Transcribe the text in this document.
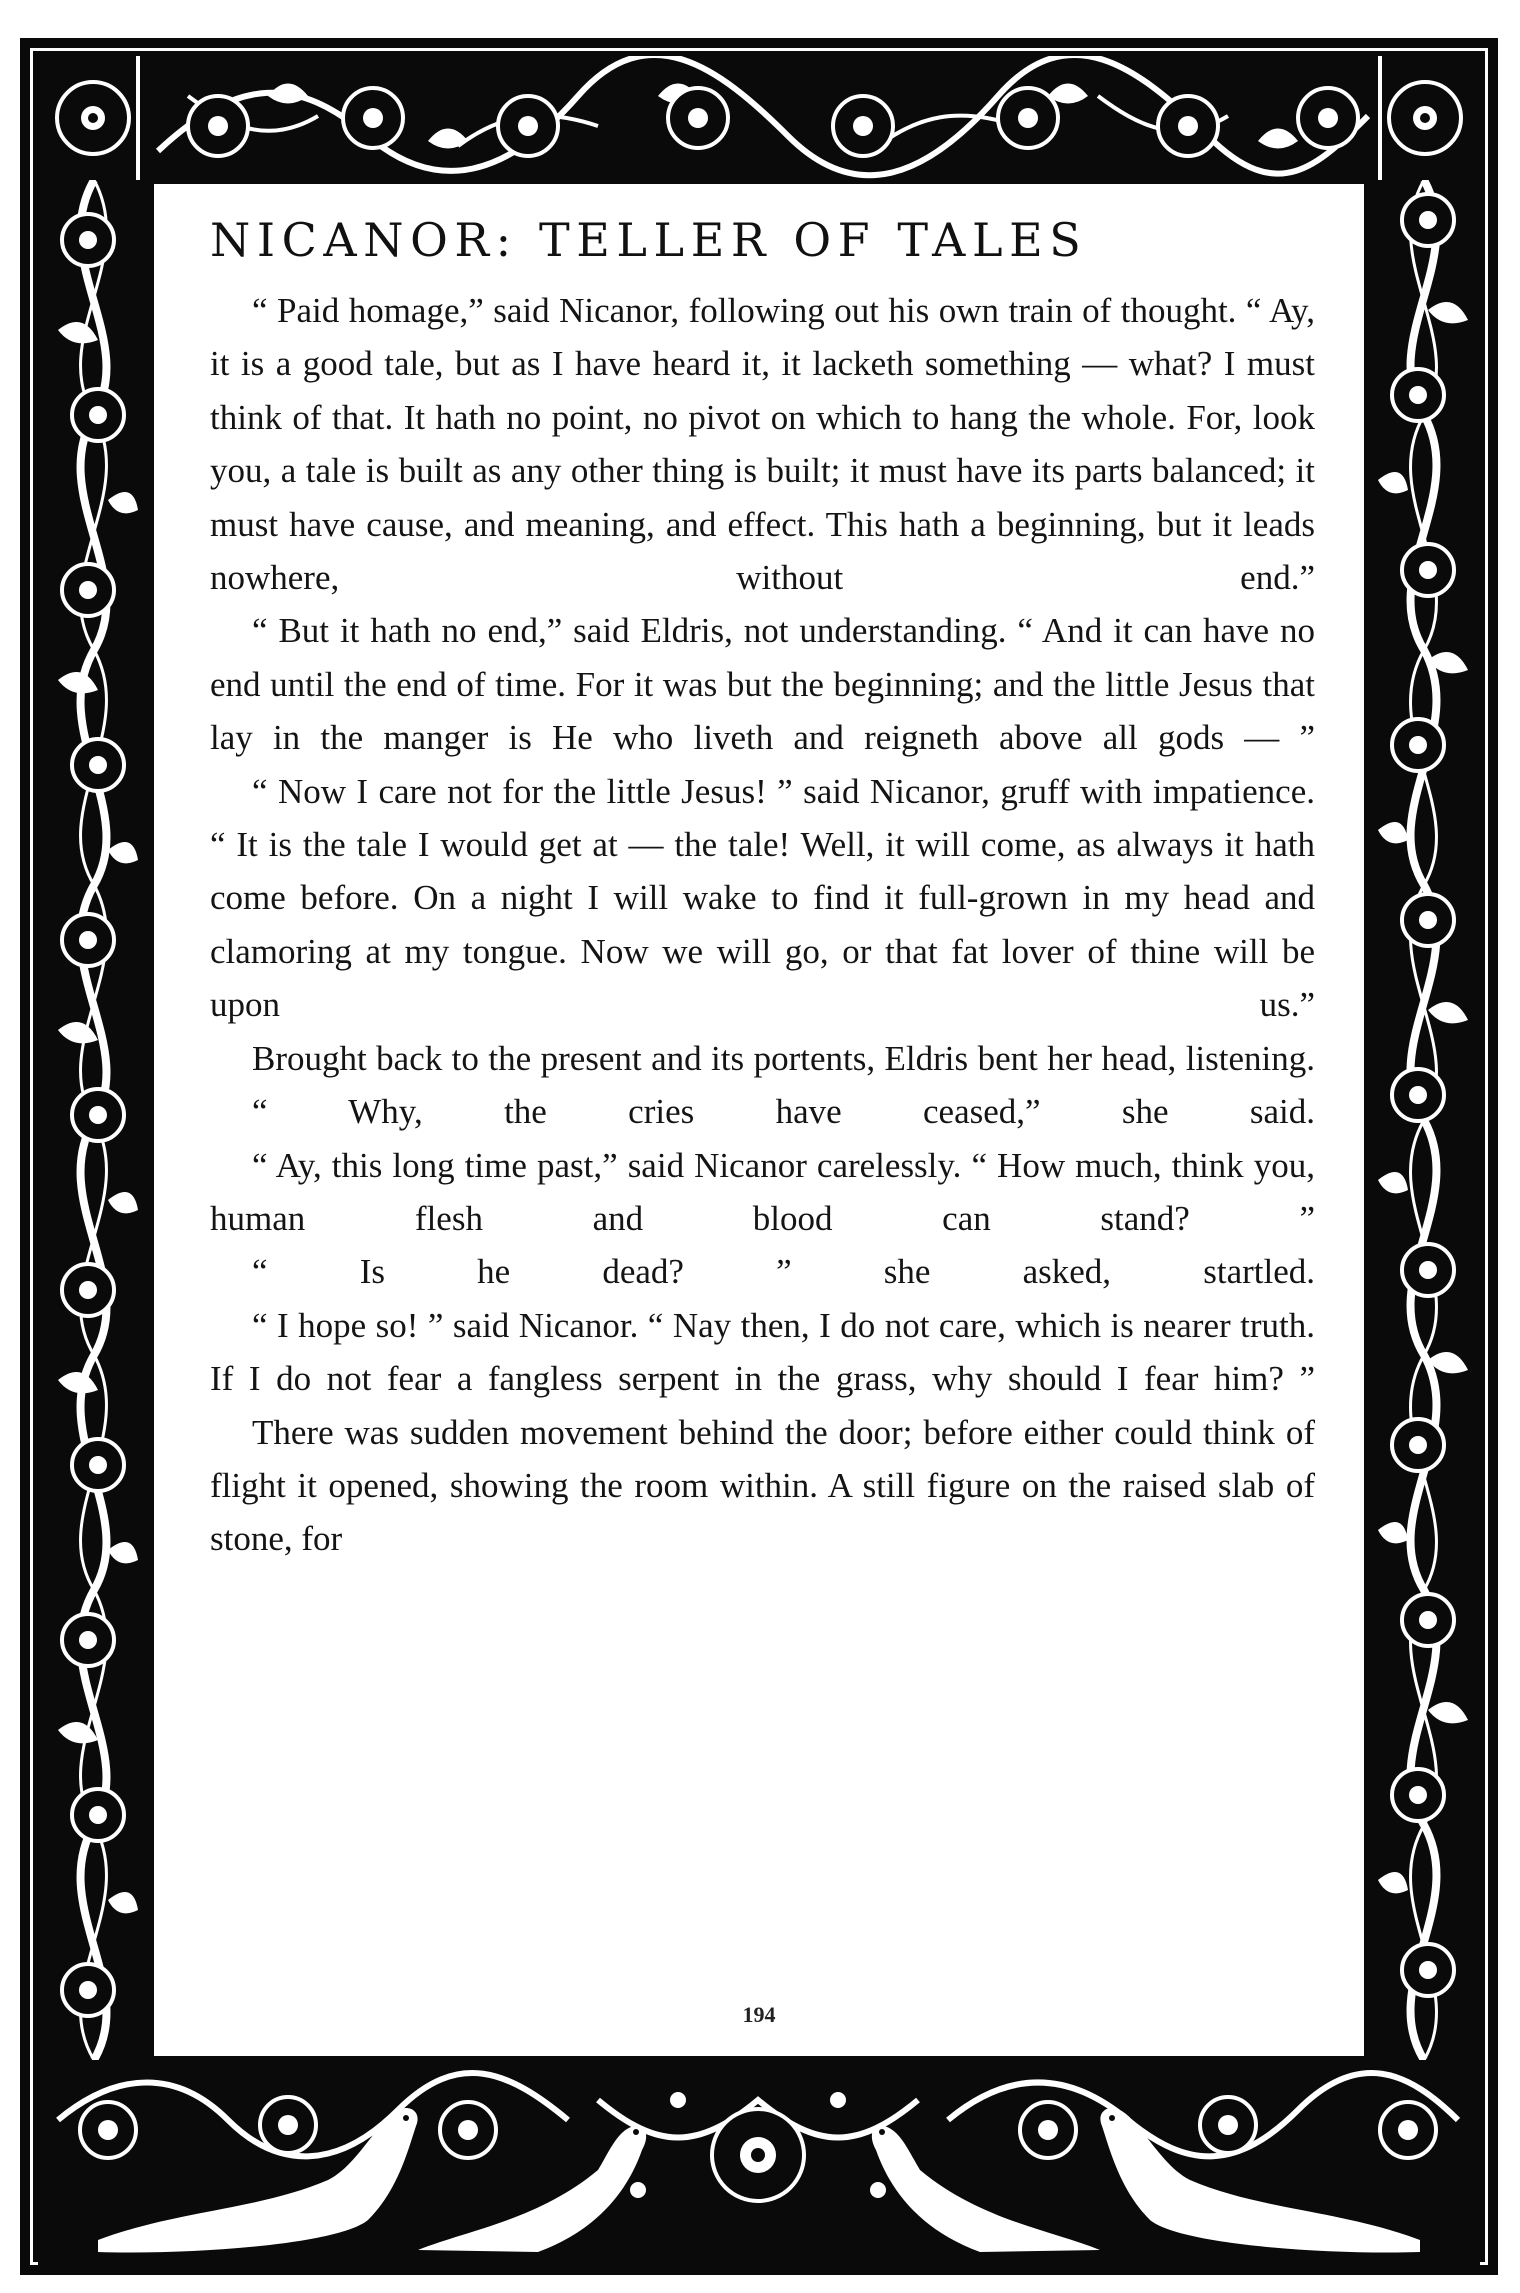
NICANOR: TELLER OF TALES

“ Paid homage,” said Nicanor, following out his own train of thought. “ Ay, it is a good tale, but as I have heard it, it lacketh something — what? I must think of that. It hath no point, no pivot on which to hang the whole. For, look you, a tale is built as any other thing is built; it must have its parts balanced; it must have cause, and meaning, and effect. This hath a beginning, but it leads nowhere, without end.”

“ But it hath no end,” said Eldris, not understanding. “ And it can have no end until the end of time. For it was but the beginning; and the little Jesus that lay in the manger is He who liveth and reigneth above all gods — ”

“ Now I care not for the little Jesus! ” said Nicanor, gruff with impatience. “ It is the tale I would get at — the tale! Well, it will come, as always it hath come before. On a night I will wake to find it full-grown in my head and clamoring at my tongue. Now we will go, or that fat lover of thine will be upon us.”

Brought back to the present and its portents, Eldris bent her head, listening.

“ Why, the cries have ceased,” she said.

“ Ay, this long time past,” said Nicanor carelessly. “ How much, think you, human flesh and blood can stand? ”

“ Is he dead? ” she asked, startled.

“ I hope so! ” said Nicanor. “ Nay then, I do not care, which is nearer truth. If I do not fear a fangless serpent in the grass, why should I fear him? ”

There was sudden movement behind the door; before either could think of flight it opened, showing the room within. A still figure on the raised slab of stone, for

194
